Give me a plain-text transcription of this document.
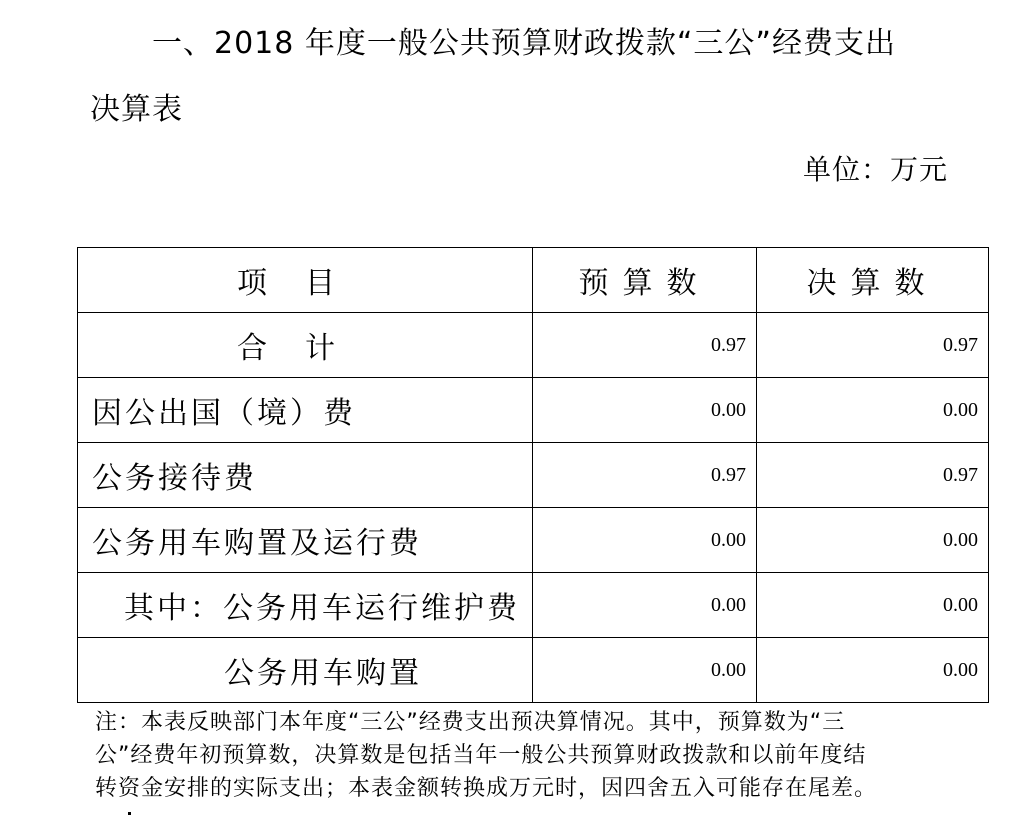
一、2018 年度一般公共预算财政拨款“三公”经费支出
决算表
单位：万元
项目	预算数	决算数
合计	0.97	0.97
因公出国（境）费	0.00	0.00
公务接待费	0.97	0.97
公务用车购置及运行费	0.00	0.00
其中：公务用车运行维护费	0.00	0.00
公务用车购置	0.00	0.00
注：本表反映部门本年度“三公”经费支出预决算情况。其中，预算数为“三
公”经费年初预算数，决算数是包括当年一般公共预算财政拨款和以前年度结
转资金安排的实际支出；本表金额转换成万元时，因四舍五入可能存在尾差。
